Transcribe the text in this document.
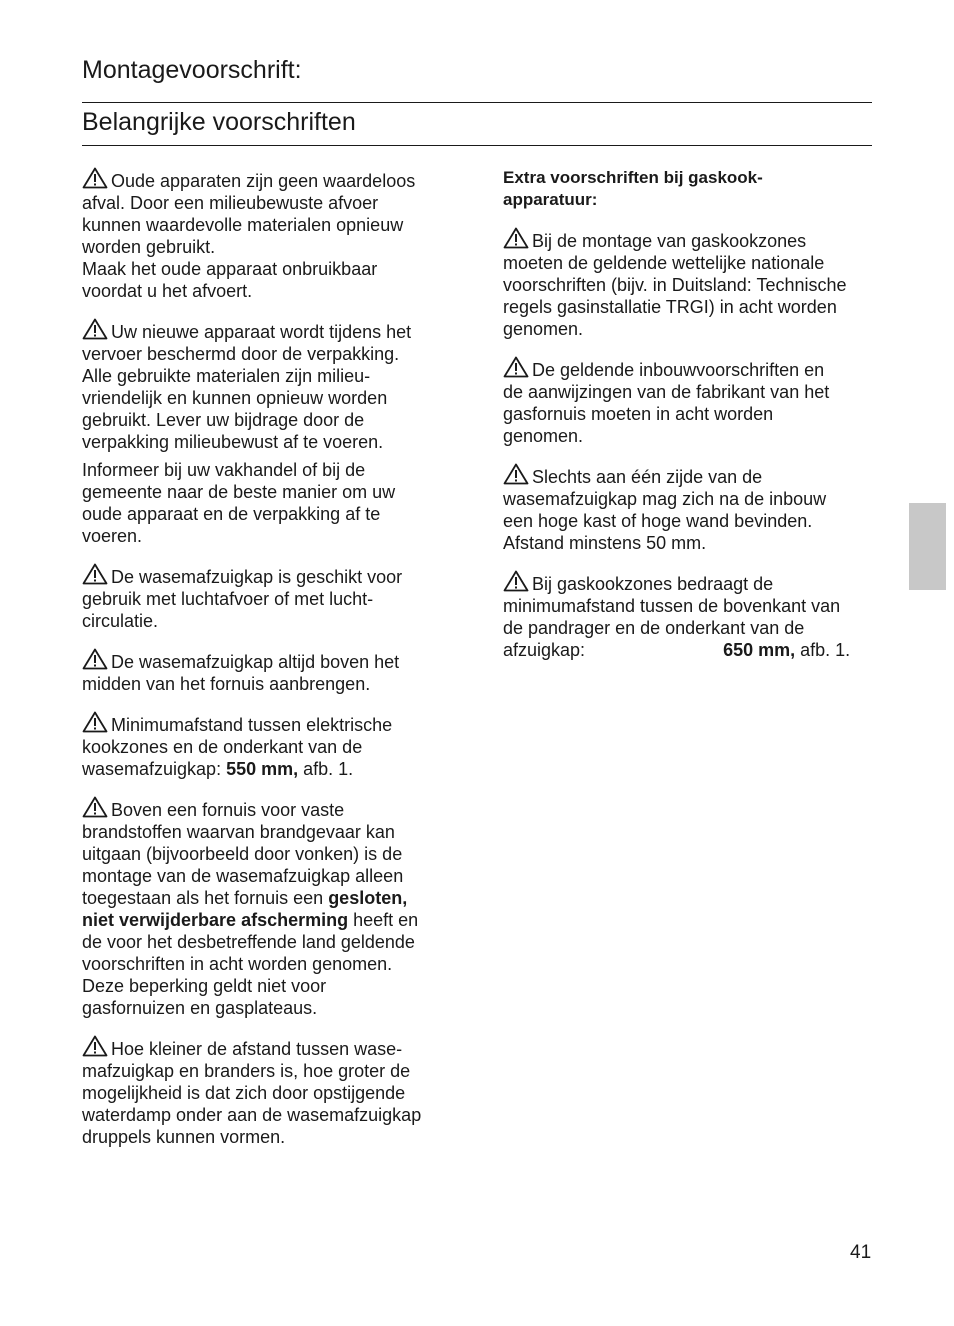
Montagevoorschrift:
Belangrijke voorschriften
Oude apparaten zijn geen waardeloos
afval. Door een milieubewuste afvoer
kunnen waardevolle materialen opnieuw
worden gebruikt.
Maak het oude apparaat onbruikbaar
voordat u het afvoert.
Uw nieuwe apparaat wordt tijdens het
vervoer beschermd door de verpakking.
Alle gebruikte materialen zijn milieu-
vriendelijk en kunnen opnieuw worden
gebruikt. Lever uw bijdrage door de
verpakking milieubewust af te voeren.
Informeer bij uw vakhandel of bij de
gemeente naar de beste manier om uw
oude apparaat en de verpakking af te
voeren.
De wasemafzuigkap is geschikt voor
gebruik met luchtafvoer of met lucht-
circulatie.
De wasemafzuigkap altijd boven het
midden van het fornuis aanbrengen.
Minimumafstand tussen elektrische
kookzones en de onderkant van de
wasemafzuigkap: 550 mm, afb. 1.
Boven een fornuis voor vaste
brandstoffen waarvan brandgevaar kan
uitgaan (bijvoorbeeld door vonken) is de
montage van de wasemafzuigkap alleen
toegestaan als het fornuis een gesloten,
niet verwijderbare afscherming heeft en
de voor het desbetreffende land geldende
voorschriften in acht worden genomen.
Deze beperking geldt niet voor
gasfornuizen en gasplateaus.
Hoe kleiner de afstand tussen wase-
mafzuigkap en branders is, hoe groter de
mogelijkheid is dat zich door opstijgende
waterdamp onder aan de wasemafzuigkap
druppels kunnen vormen.
Extra voorschriften bij gaskook-
apparatuur:
Bij de montage van gaskookzones
moeten de geldende wettelijke nationale
voorschriften (bijv. in Duitsland: Technische
regels gasinstallatie TRGI) in acht worden
genomen.
De geldende inbouwvoorschriften en
de aanwijzingen van de fabrikant van het
gasfornuis moeten in acht worden
genomen.
Slechts aan één zijde van de
wasemafzuigkap mag zich na de inbouw
een hoge kast of hoge wand bevinden.
Afstand minstens 50 mm.
Bij gaskookzones bedraagt de
minimumafstand tussen de bovenkant van
de pandrager en de onderkant van de
afzuigkap:	650 mm, afb. 1.
41
